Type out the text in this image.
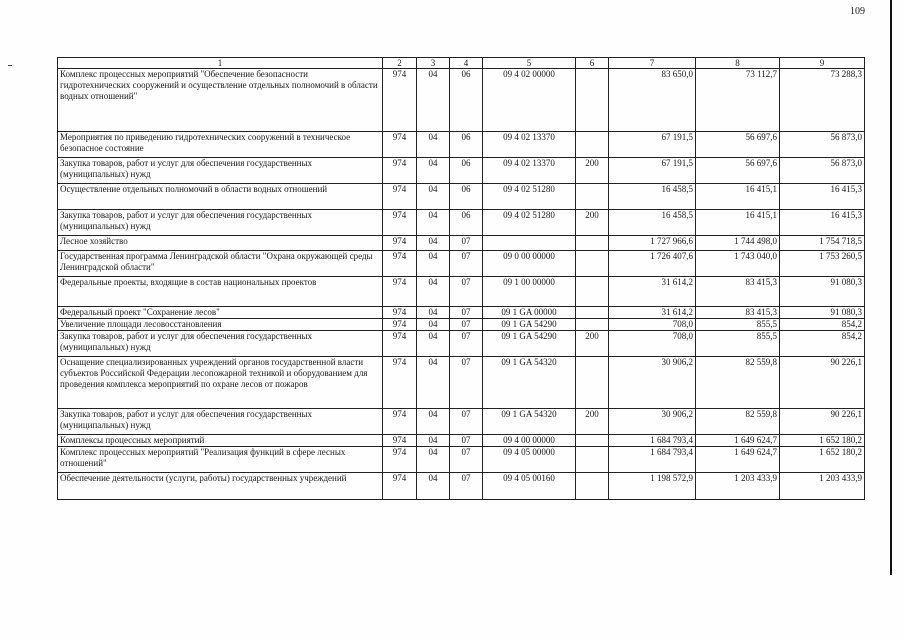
109
1	2	3	4	5	6	7	8	9
Комплекс процессных мероприятий "Обеспечение безопасности гидротехнических сооружений и осуществление отдельных полномочий в области водных отношений"	974	04	06	09 4 02 00000		83 650,0	73 112,7	73 288,3
Мероприятия по приведению гидротехнических сооружений в техническое безопасное состояние	974	04	06	09 4 02 13370		67 191,5	56 697,6	56 873,0
Закупка товаров, работ и услуг для обеспечения государственных (муниципальных) нужд	974	04	06	09 4 02 13370	200	67 191,5	56 697,6	56 873,0
Осуществление отдельных полномочий в области водных отношений	974	04	06	09 4 02 51280		16 458,5	16 415,1	16 415,3
Закупка товаров, работ и услуг для обеспечения государственных (муниципальных) нужд	974	04	06	09 4 02 51280	200	16 458,5	16 415,1	16 415,3
Лесное хозяйство	974	04	07			1 727 966,6	1 744 498,0	1 754 718,5
Государственная программа Ленинградской области "Охрана окружающей среды Ленинградской области"	974	04	07	09 0 00 00000		1 726 407,6	1 743 040,0	1 753 260,5
Федеральные проекты, входящие в состав национальных проектов	974	04	07	09 1 00 00000		31 614,2	83 415,3	91 080,3
Федеральный проект "Сохранение лесов"	974	04	07	09 1 GA 00000		31 614,2	83 415,3	91 080,3
Увеличение площади лесовосстановления	974	04	07	09 1 GA 54290		708,0	855,5	854,2
Закупка товаров, работ и услуг для обеспечения государственных (муниципальных) нужд	974	04	07	09 1 GA 54290	200	708,0	855,5	854,2
Оснащение специализированных учреждений органов государственной власти субъектов Российской Федерации лесопожарной техникой и оборудованием для проведения комплекса мероприятий по охране лесов от пожаров	974	04	07	09 1 GA 54320		30 906,2	82 559,8	90 226,1
Закупка товаров, работ и услуг для обеспечения государственных (муниципальных) нужд	974	04	07	09 1 GA 54320	200	30 906,2	82 559,8	90 226,1
Комплексы процессных мероприятий	974	04	07	09 4 00 00000		1 684 793,4	1 649 624,7	1 652 180,2
Комплекс процессных мероприятий "Реализация функций в сфере лесных отношений"	974	04	07	09 4 05 00000		1 684 793,4	1 649 624,7	1 652 180,2
Обеспечение деятельности (услуги, работы) государственных учреждений	974	04	07	09 4 05 00160		1 198 572,9	1 203 433,9	1 203 433,9
